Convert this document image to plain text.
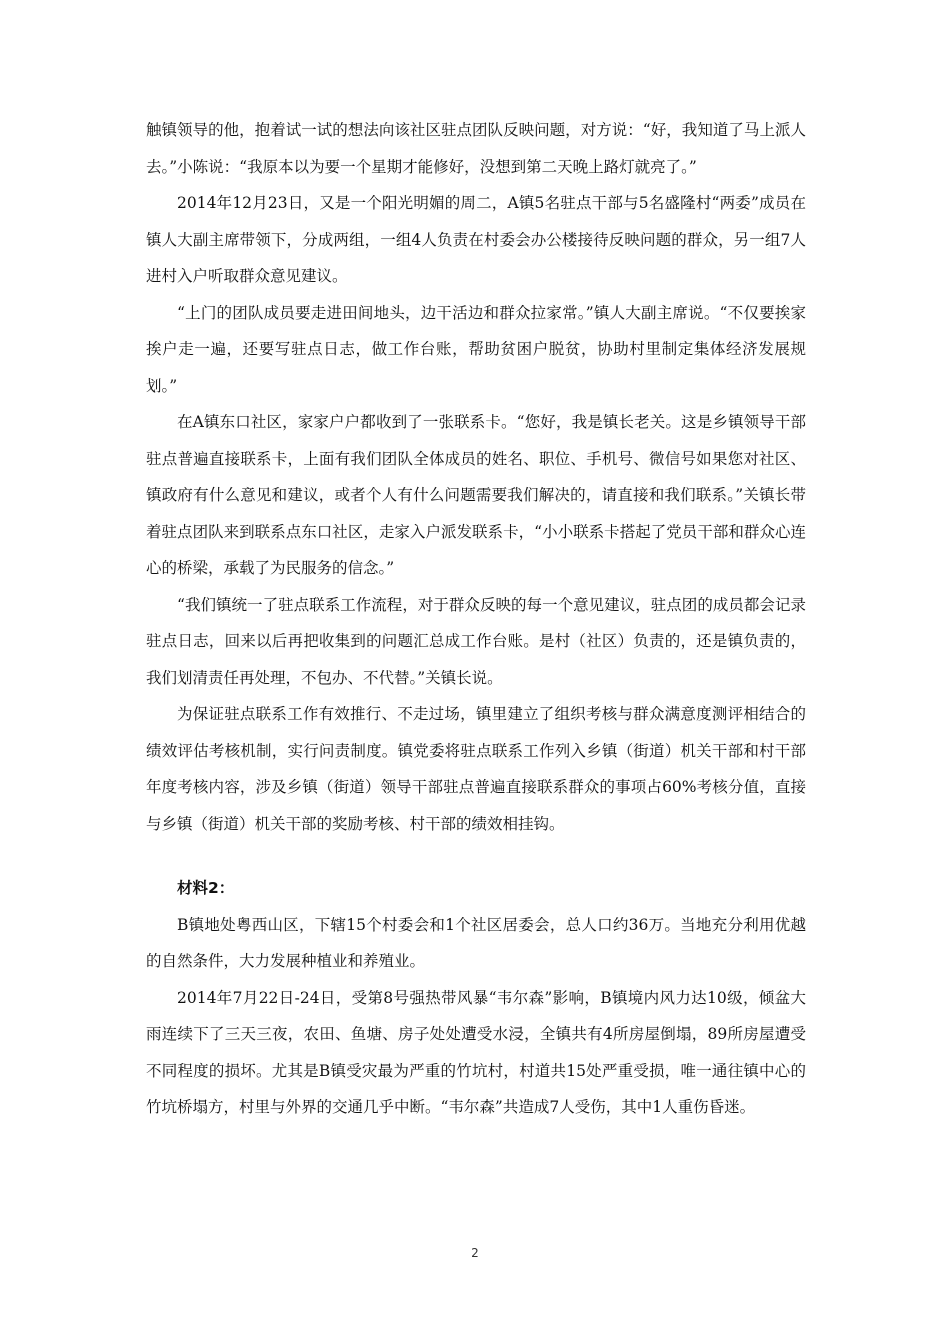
触镇领导的他，抱着试一试的想法向该社区驻点团队反映问题，对方说：“好，我知道了马上派人去。”小陈说：“我原本以为要一个星期才能修好，没想到第二天晚上路灯就亮了。”

2014年12月23日，又是一个阳光明媚的周二，A镇5名驻点干部与5名盛隆村“两委”成员在镇人大副主席带领下，分成两组，一组4人负责在村委会办公楼接待反映问题的群众，另一组7人进村入户听取群众意见建议。

“上门的团队成员要走进田间地头，边干活边和群众拉家常。”镇人大副主席说。“不仅要挨家挨户走一遍，还要写驻点日志，做工作台账，帮助贫困户脱贫，协助村里制定集体经济发展规划。”

在A镇东口社区，家家户户都收到了一张联系卡。“您好，我是镇长老关。这是乡镇领导干部驻点普遍直接联系卡，上面有我们团队全体成员的姓名、职位、手机号、微信号如果您对社区、镇政府有什么意见和建议，或者个人有什么问题需要我们解决的，请直接和我们联系。”关镇长带着驻点团队来到联系点东口社区，走家入户派发联系卡，“小小联系卡搭起了党员干部和群众心连心的桥梁，承载了为民服务的信念。”

“我们镇统一了驻点联系工作流程，对于群众反映的每一个意见建议，驻点团的成员都会记录驻点日志，回来以后再把收集到的问题汇总成工作台账。是村（社区）负责的，还是镇负责的，我们划清责任再处理，不包办、不代替。”关镇长说。

为保证驻点联系工作有效推行、不走过场，镇里建立了组织考核与群众满意度测评相结合的绩效评估考核机制，实行问责制度。镇党委将驻点联系工作列入乡镇（街道）机关干部和村干部年度考核内容，涉及乡镇（街道）领导干部驻点普遍直接联系群众的事项占60%考核分值，直接与乡镇（街道）机关干部的奖励考核、村干部的绩效相挂钩。

材料2：

B镇地处粤西山区，下辖15个村委会和1个社区居委会，总人口约36万。当地充分利用优越的自然条件，大力发展种植业和养殖业。

2014年7月22日-24日，受第8号强热带风暴“韦尔森”影响，B镇境内风力达10级，倾盆大雨连续下了三天三夜，农田、鱼塘、房子处处遭受水浸，全镇共有4所房屋倒塌，89所房屋遭受不同程度的损坏。尤其是B镇受灾最为严重的竹坑村，村道共15处严重受损，唯一通往镇中心的竹坑桥塌方，村里与外界的交通几乎中断。“韦尔森”共造成7人受伤，其中1人重伤昏迷。

2
